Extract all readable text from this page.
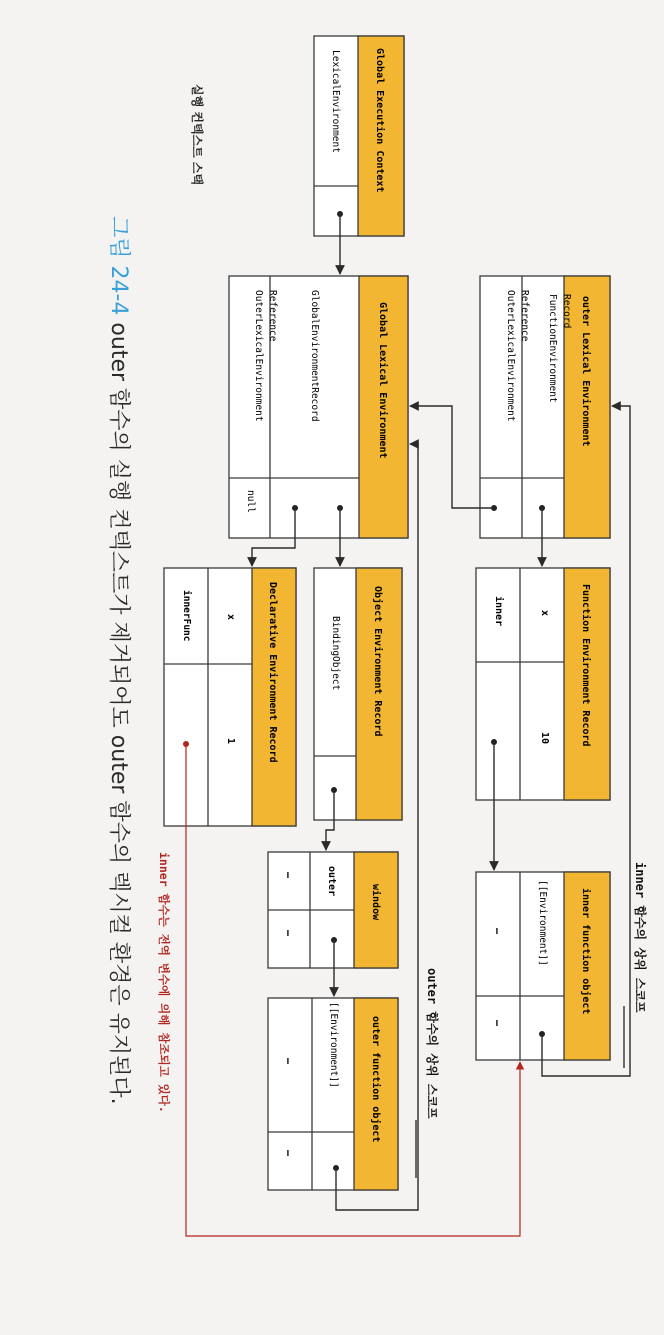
그림 24-4 outer 함수의 실행 컨텍스트가 제거되어도 outer 함수의 렉시컬 환경은 유지된다.
실행 컨텍스트 스택	Global Execution Context
LexicalEnvironment
Global Lexical Environment
GlobalEnvironmentRecord
OuterLexicalEnvironment Reference
null
outer Lexical Environment
FunctionEnvironment Record
OuterLexicalEnvironment Reference
Function Environment Record
x
inner
10
Object Environment Record
BindingObject
Declarative Environment Record
x
innerFunc
1
window
outer
…
…	inner function object
[[Environment]]
…
…
outer function object
[[Environment]]
…
…
inner 함수의 상위 스코프
outer 함수의 상위 스코프
inner 함수는 전역 변수에 의해 참조되고 있다.
